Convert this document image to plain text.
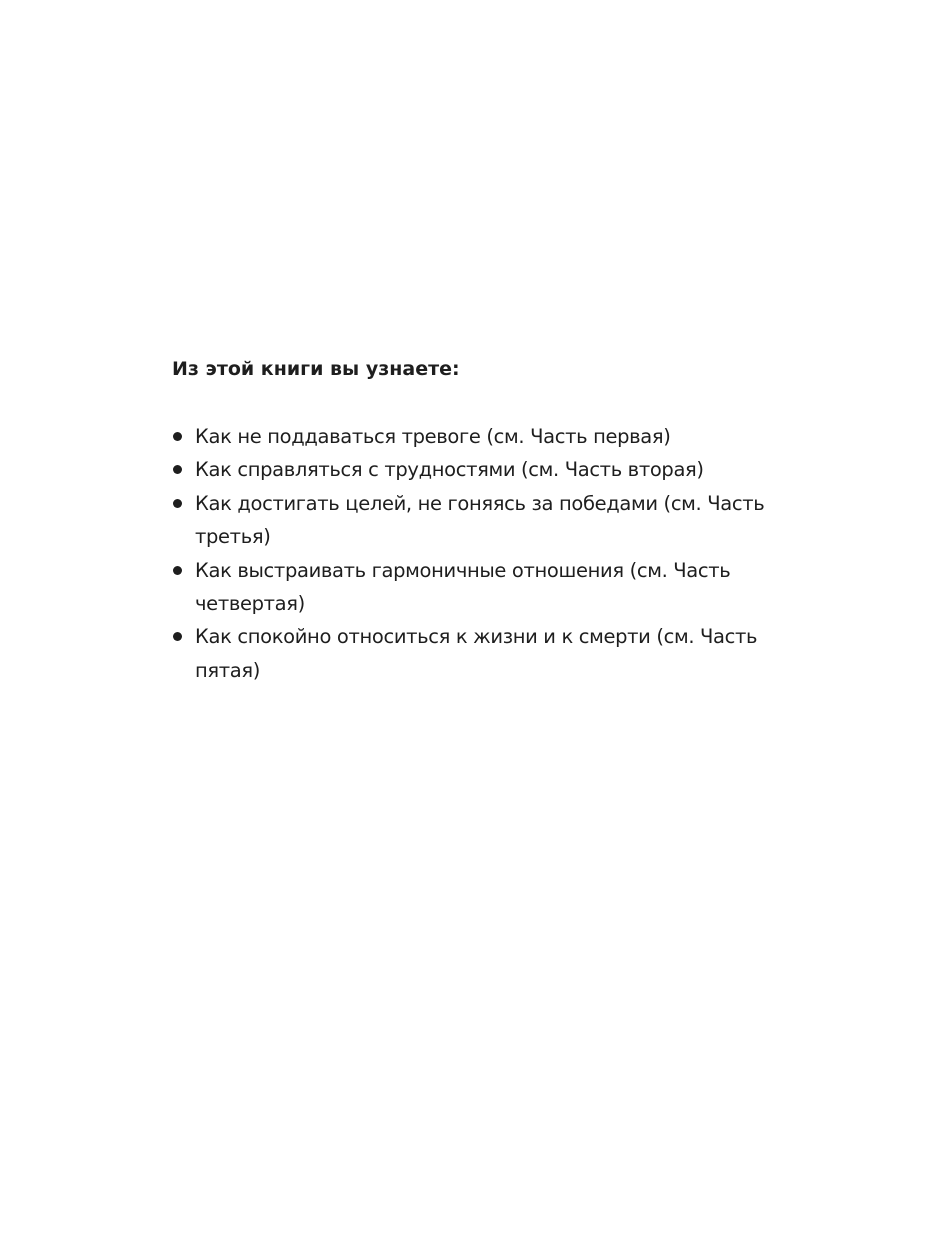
Из этой книги вы узнаете:
Как не поддаваться тревоге (см. Часть первая)
Как справляться с трудностями (см. Часть вторая)
Как достигать целей, не гоняясь за победами (см. Часть третья)
Как выстраивать гармоничные отношения (см. Часть четвертая)
Как спокойно относиться к жизни и к смерти (см. Часть пятая)
